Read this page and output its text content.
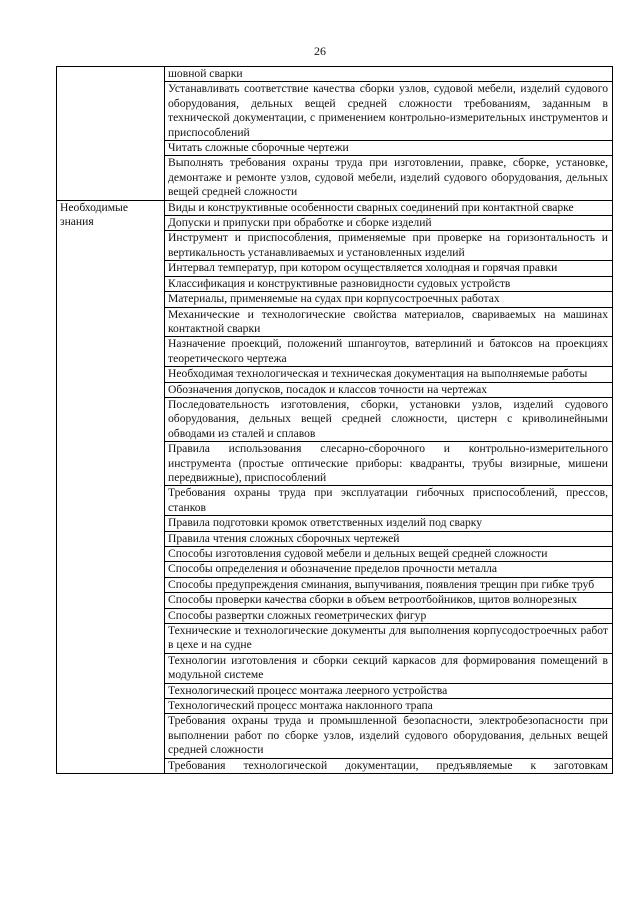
26
	шовной сварки
	Устанавливать соответствие качества сборки узлов, судовой мебели, изделий судового оборудования, дельных вещей средней сложности требованиям, заданным в технической документации, с применением контрольно-измерительных инструментов и приспособлений
	Читать сложные сборочные чертежи
	Выполнять требования охраны труда при изготовлении, правке, сборке, установке, демонтаже и ремонте узлов, судовой мебели, изделий судового оборудования, дельных вещей средней сложности
Необходимые знания	Виды и конструктивные особенности сварных соединений при контактной сварке
	Допуски и припуски при обработке и сборке изделий
	Инструмент и приспособления, применяемые при проверке на горизонтальность и вертикальность устанавливаемых и установленных изделий
	Интервал температур, при котором осуществляется холодная и горячая правки
	Классификация и конструктивные разновидности судовых устройств
	Материалы, применяемые на судах при корпусостроечных работах
	Механические и технологические свойства материалов, свариваемых на машинах контактной сварки
	Назначение проекций, положений шпангоутов, ватерлиний и батоксов на проекциях теоретического чертежа
	Необходимая технологическая и техническая документация на выполняемые работы
	Обозначения допусков, посадок и классов точности на чертежах
	Последовательность изготовления, сборки, установки узлов, изделий судового оборудования, дельных вещей средней сложности, цистерн с криволинейными обводами из сталей и сплавов
	Правила использования слесарно-сборочного и контрольно-измерительного инструмента (простые оптические приборы: квадранты, трубы визирные, мишени передвижные), приспособлений
	Требования охраны труда при эксплуатации гибочных приспособлений, прессов, станков
	Правила подготовки кромок ответственных изделий под сварку
	Правила чтения сложных сборочных чертежей
	Способы изготовления судовой мебели и дельных вещей средней сложности
	Способы определения и обозначение пределов прочности металла
	Способы предупреждения сминания, выпучивания, появления трещин при гибке труб
	Способы проверки качества сборки в объем ветроотбойников, щитов волнорезных
	Способы развертки сложных геометрических фигур
	Технические и технологические документы для выполнения корпусодостроечных работ в цехе и на судне
	Технологии изготовления и сборки секций каркасов для формирования помещений в модульной системе
	Технологический процесс монтажа леерного устройства
	Технологический процесс монтажа наклонного трапа
	Требования охраны труда и промышленной безопасности, электробезопасности при выполнении работ по сборке узлов, изделий судового оборудования, дельных вещей средней сложности
	Требования технологической документации, предъявляемые к заготовкам
